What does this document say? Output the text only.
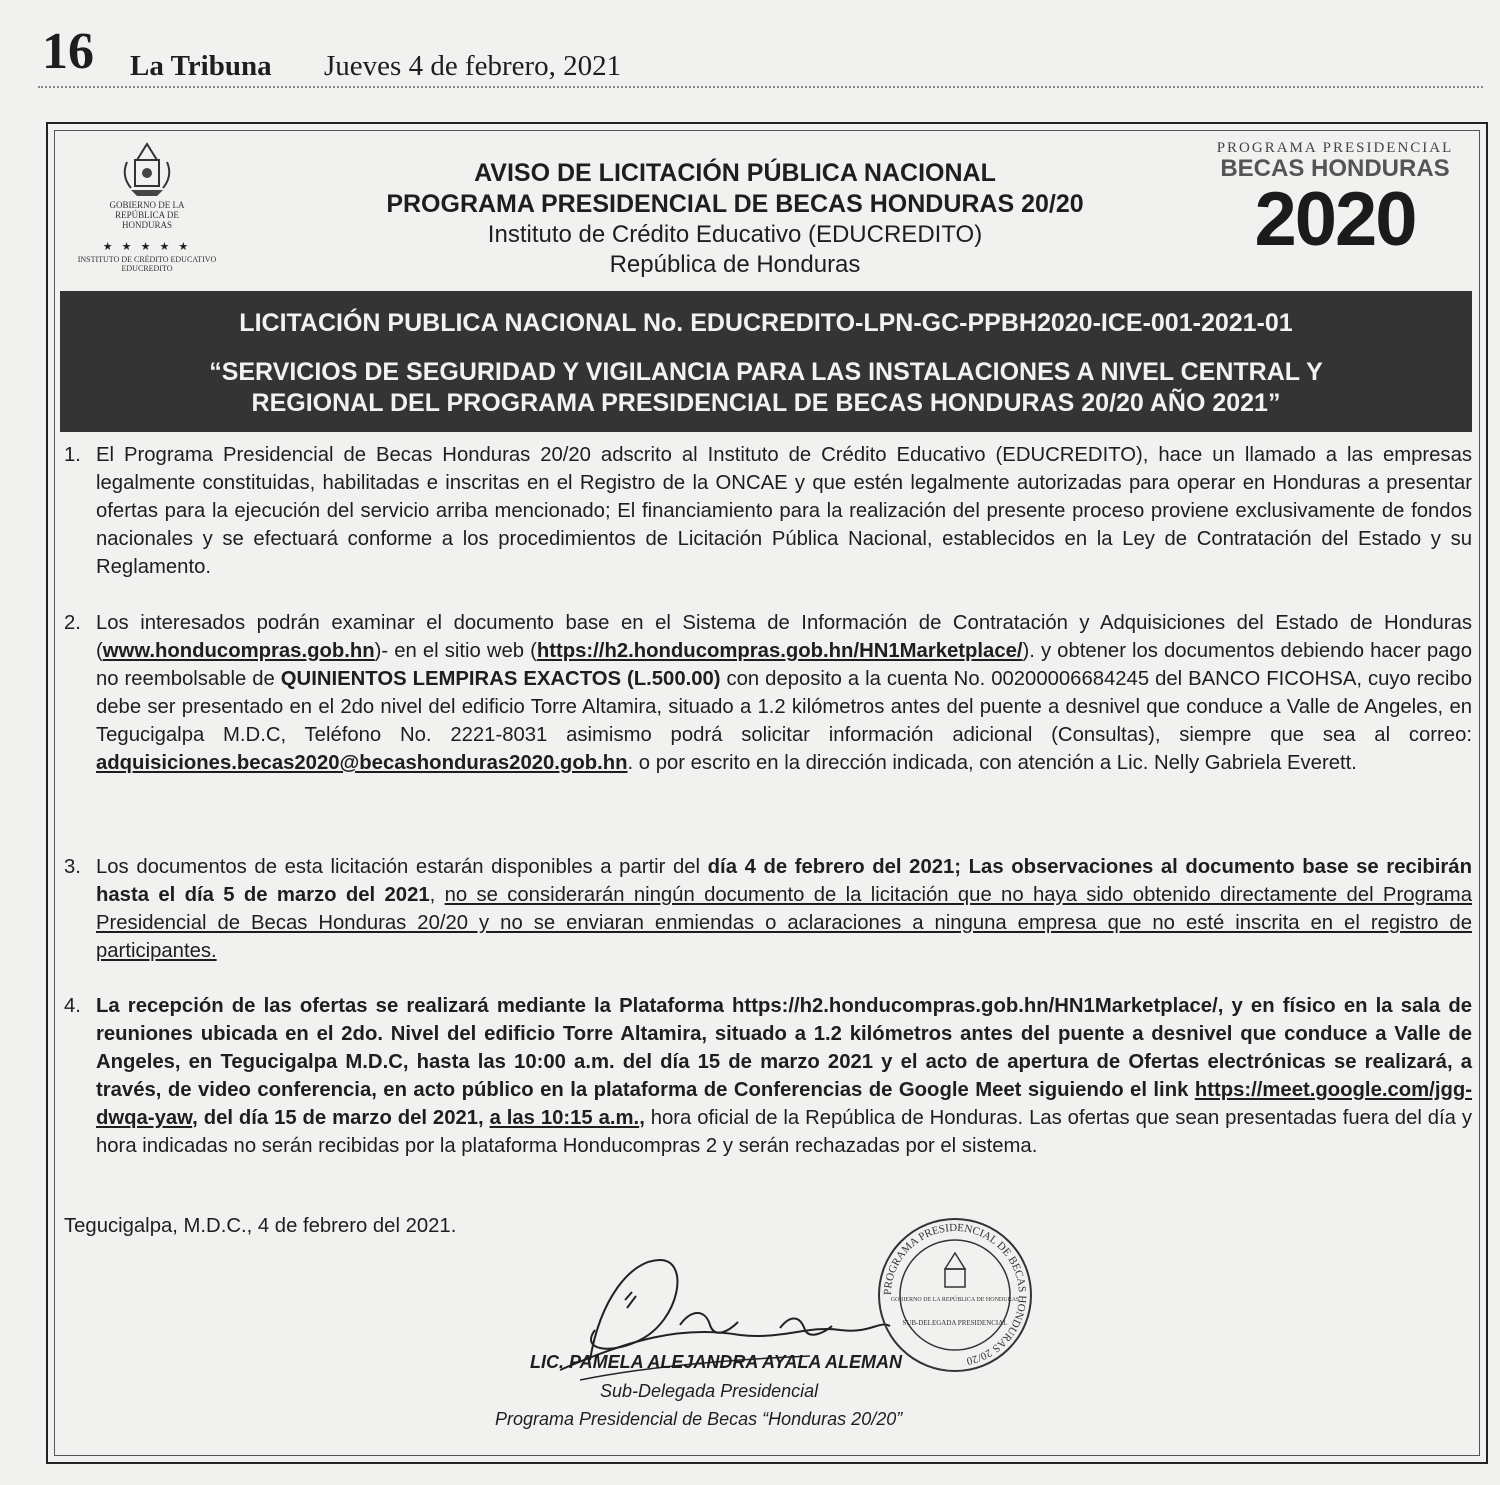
16 La Tribuna Jueves 4 de febrero, 2021
GOBIERNO DE LA REPÚBLICA DE HONDURAS
★ ★ ★ ★ ★
INSTITUTO DE CRÉDITO EDUCATIVO EDUCREDITO
PROGRAMA PRESIDENCIAL
BECAS HONDURAS
2020
AVISO DE LICITACIÓN PÚBLICA NACIONAL
PROGRAMA PRESIDENCIAL DE BECAS HONDURAS 20/20
Instituto de Crédito Educativo (EDUCREDITO)
República de Honduras
LICITACIÓN PUBLICA NACIONAL No. EDUCREDITO-LPN-GC-PPBH2020-ICE-001-2021-01
“SERVICIOS DE SEGURIDAD Y VIGILANCIA PARA LAS INSTALACIONES A NIVEL CENTRAL Y
REGIONAL DEL PROGRAMA PRESIDENCIAL DE BECAS HONDURAS 20/20 AÑO 2021”
1. El Programa Presidencial de Becas Honduras 20/20 adscrito al Instituto de Crédito Educativo (EDUCREDITO), hace un llamado a las empresas legalmente constituidas, habilitadas e inscritas en el Registro de la ONCAE y que estén legalmente autorizadas para operar en Honduras a presentar ofertas para la ejecución del servicio arriba mencionado; El financiamiento para la realización del presente proceso proviene exclusivamente de fondos nacionales y se efectuará conforme a los procedimientos de Licitación Pública Nacional, establecidos en la Ley de Contratación del Estado y su Reglamento.
2. Los interesados podrán examinar el documento base en el Sistema de Información de Contratación y Adquisiciones del Estado de Honduras (www.honducompras.gob.hn)- en el sitio web (https://h2.honducompras.gob.hn/HN1Marketplace/). y obtener los documentos debiendo hacer pago no reembolsable de QUINIENTOS LEMPIRAS EXACTOS (L.500.00) con deposito a la cuenta No. 00200006684245 del BANCO FICOHSA, cuyo recibo debe ser presentado en el 2do nivel del edificio Torre Altamira, situado a 1.2 kilómetros antes del puente a desnivel que conduce a Valle de Angeles, en Tegucigalpa M.D.C, Teléfono No. 2221-8031 asimismo podrá solicitar información adicional (Consultas), siempre que sea al correo: adquisiciones.becas2020@becashonduras2020.gob.hn. o por escrito en la dirección indicada, con atención a Lic. Nelly Gabriela Everett.
3. Los documentos de esta licitación estarán disponibles a partir del día 4 de febrero del 2021; Las observaciones al documento base se recibirán hasta el día 5 de marzo del 2021, no se considerarán ningún documento de la licitación que no haya sido obtenido directamente del Programa Presidencial de Becas Honduras 20/20 y no se enviaran enmiendas o aclaraciones a ninguna empresa que no esté inscrita en el registro de participantes.
4. La recepción de las ofertas se realizará mediante la Plataforma https://h2.honducompras.gob.hn/HN1Marketplace/, y en físico en la sala de reuniones ubicada en el 2do. Nivel del edificio Torre Altamira, situado a 1.2 kilómetros antes del puente a desnivel que conduce a Valle de Angeles, en Tegucigalpa M.D.C, hasta las 10:00 a.m. del día 15 de marzo 2021 y el acto de apertura de Ofertas electrónicas se realizará, a través, de video conferencia, en acto público en la plataforma de Conferencias de Google Meet siguiendo el link https://meet.google.com/jgg-dwqa-yaw, del día 15 de marzo del 2021, a las 10:15 a.m., hora oficial de la República de Honduras. Las ofertas que sean presentadas fuera del día y hora indicadas no serán recibidas por la plataforma Honducompras 2 y serán rechazadas por el sistema.
Tegucigalpa, M.D.C., 4 de febrero del 2021.
LIC. PAMELA ALEJANDRA AYALA ALEMAN
Sub-Delegada Presidencial
Programa Presidencial de Becas “Honduras 20/20”
PROGRAMA PRESIDENCIAL DE BECAS HONDURAS 20/20
GOBIERNO DE LA REPÚBLICA DE HONDURAS
SUB-DELEGADA PRESIDENCIAL
